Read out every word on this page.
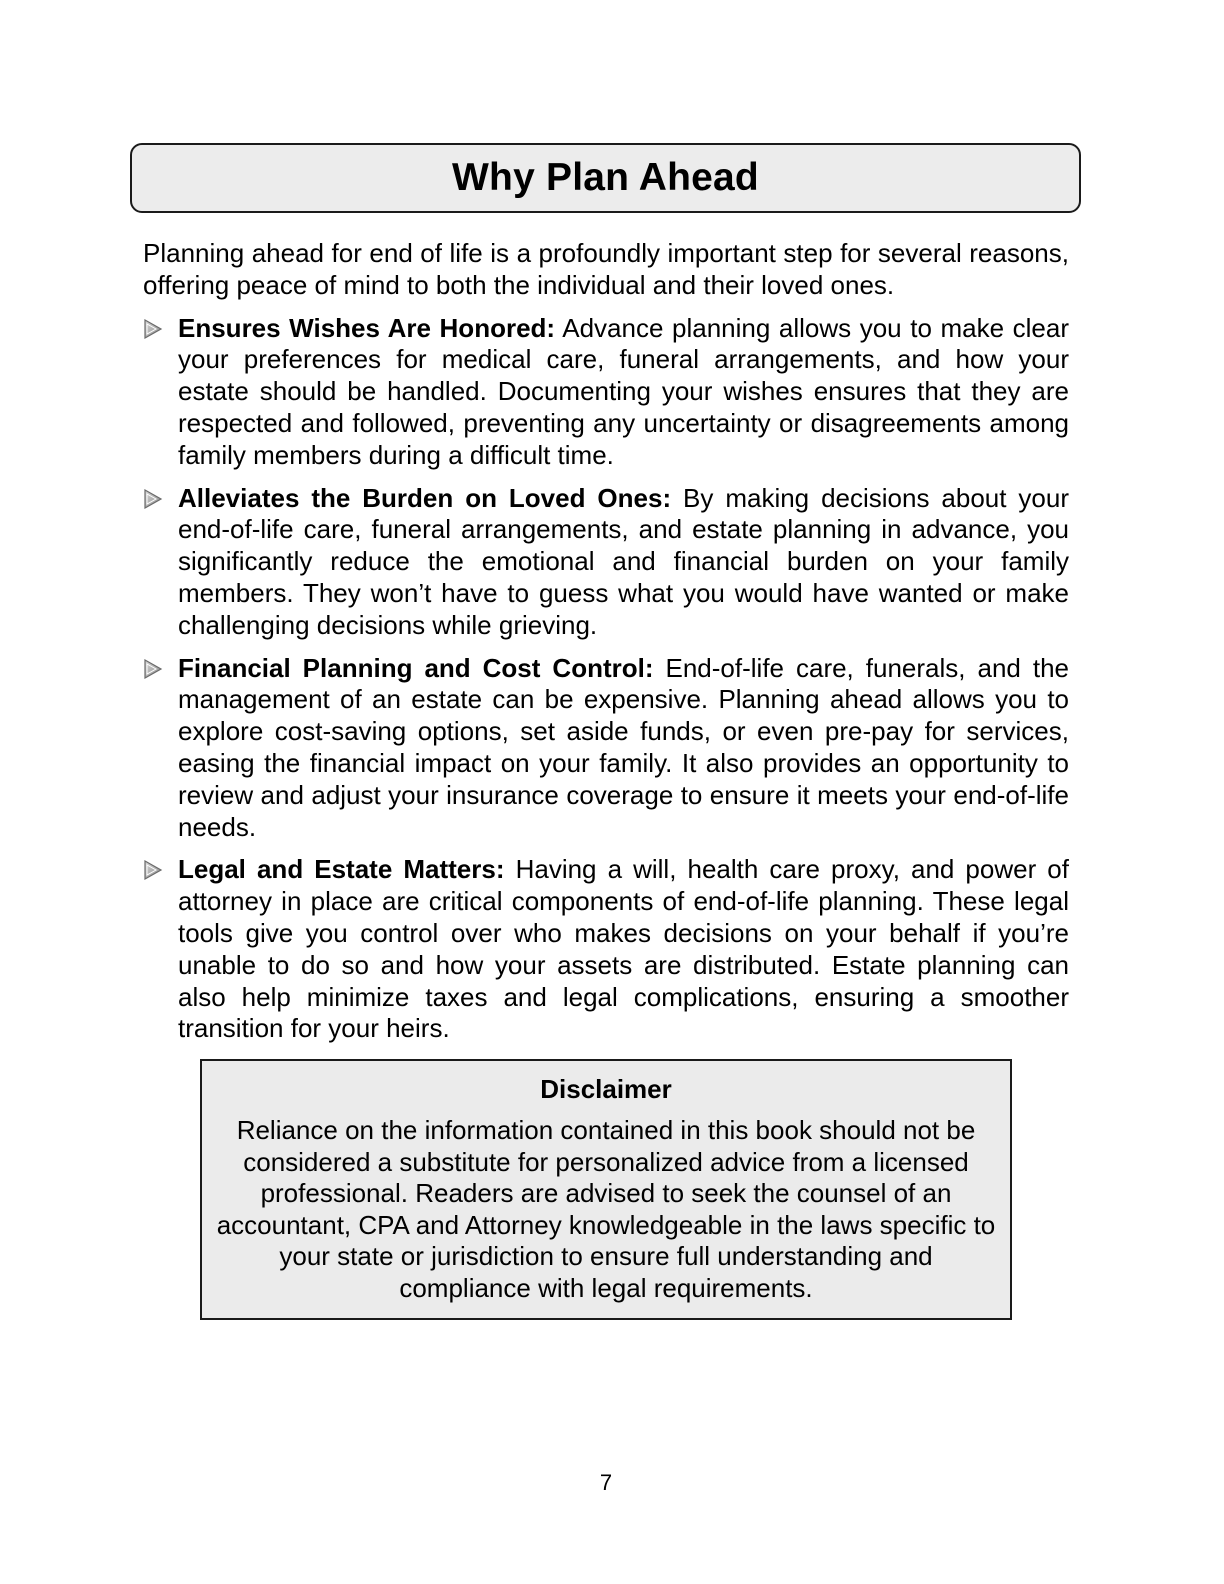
Why Plan Ahead

Planning ahead for end of life is a profoundly important step for several reasons, offering peace of mind to both the individual and their loved ones.

Ensures Wishes Are Honored: Advance planning allows you to make clear your preferences for medical care, funeral arrangements, and how your estate should be handled. Documenting your wishes ensures that they are respected and followed, preventing any uncertainty or disagreements among family members during a difficult time.
Alleviates the Burden on Loved Ones: By making decisions about your end-of-life care, funeral arrangements, and estate planning in advance, you significantly reduce the emotional and financial burden on your family members. They won’t have to guess what you would have wanted or make challenging decisions while grieving.
Financial Planning and Cost Control: End-of-life care, funerals, and the management of an estate can be expensive. Planning ahead allows you to explore cost-saving options, set aside funds, or even pre-pay for services, easing the financial impact on your family. It also provides an opportunity to review and adjust your insurance coverage to ensure it meets your end-of-life needs.
Legal and Estate Matters: Having a will, health care proxy, and power of attorney in place are critical components of end-of-life planning. These legal tools give you control over who makes decisions on your behalf if you’re unable to do so and how your assets are distributed. Estate planning can also help minimize taxes and legal complications, ensuring a smoother transition for your heirs.

Disclaimer

Reliance on the information contained in this book should not be considered a substitute for personalized advice from a licensed professional. Readers are advised to seek the counsel of an accountant, CPA and Attorney knowledgeable in the laws specific to your state or jurisdiction to ensure full understanding and compliance with legal requirements.

7
